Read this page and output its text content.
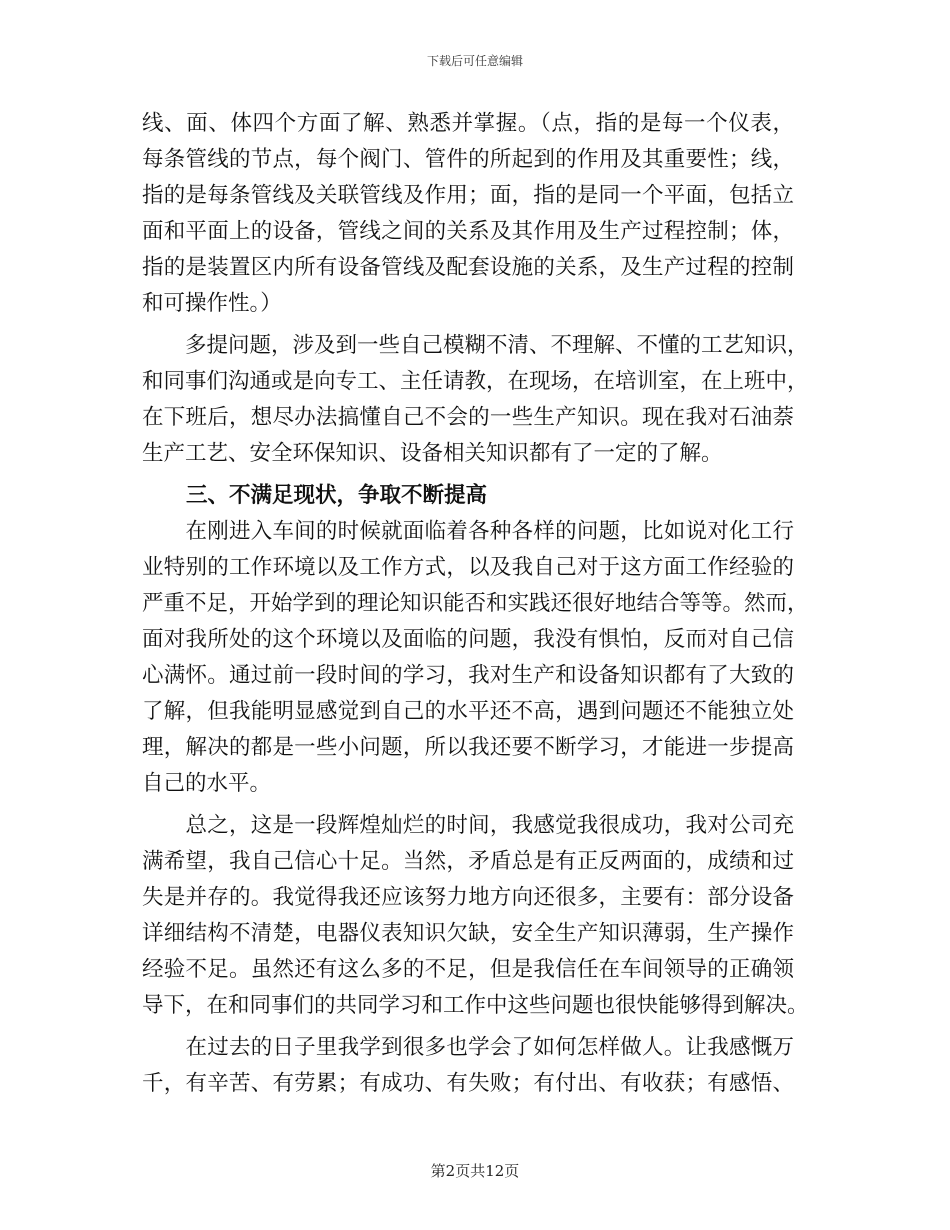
下载后可任意编辑
线、面、体四个方面了解、熟悉并掌握。（点，指的是每一个仪表，
每条管线的节点，每个阀门、管件的所起到的作用及其重要性；线，
指的是每条管线及关联管线及作用；面，指的是同一个平面，包括立
面和平面上的设备，管线之间的关系及其作用及生产过程控制；体，
指的是装置区内所有设备管线及配套设施的关系，及生产过程的控制
和可操作性。）
　　多提问题，涉及到一些自己模糊不清、不理解、不懂的工艺知识，
和同事们沟通或是向专工、主任请教，在现场，在培训室，在上班中，
在下班后，想尽办法搞懂自己不会的一些生产知识。现在我对石油萘
生产工艺、安全环保知识、设备相关知识都有了一定的了解。
三、不满足现状，争取不断提高
　　在刚进入车间的时候就面临着各种各样的问题，比如说对化工行
业特别的工作环境以及工作方式，以及我自己对于这方面工作经验的
严重不足，开始学到的理论知识能否和实践还很好地结合等等。然而，
面对我所处的这个环境以及面临的问题，我没有惧怕，反而对自己信
心满怀。通过前一段时间的学习，我对生产和设备知识都有了大致的
了解，但我能明显感觉到自己的水平还不高，遇到问题还不能独立处
理，解决的都是一些小问题，所以我还要不断学习，才能进一步提高
自己的水平。
　　总之，这是一段辉煌灿烂的时间，我感觉我很成功，我对公司充
满希望，我自己信心十足。当然，矛盾总是有正反两面的，成绩和过
失是并存的。我觉得我还应该努力地方向还很多，主要有：部分设备
详细结构不清楚，电器仪表知识欠缺，安全生产知识薄弱，生产操作
经验不足。虽然还有这么多的不足，但是我信任在车间领导的正确领
导下，在和同事们的共同学习和工作中这些问题也很快能够得到解决。
　　在过去的日子里我学到很多也学会了如何怎样做人。让我感慨万
千，有辛苦、有劳累；有成功、有失败；有付出、有收获；有感悟、
第2页共12页
